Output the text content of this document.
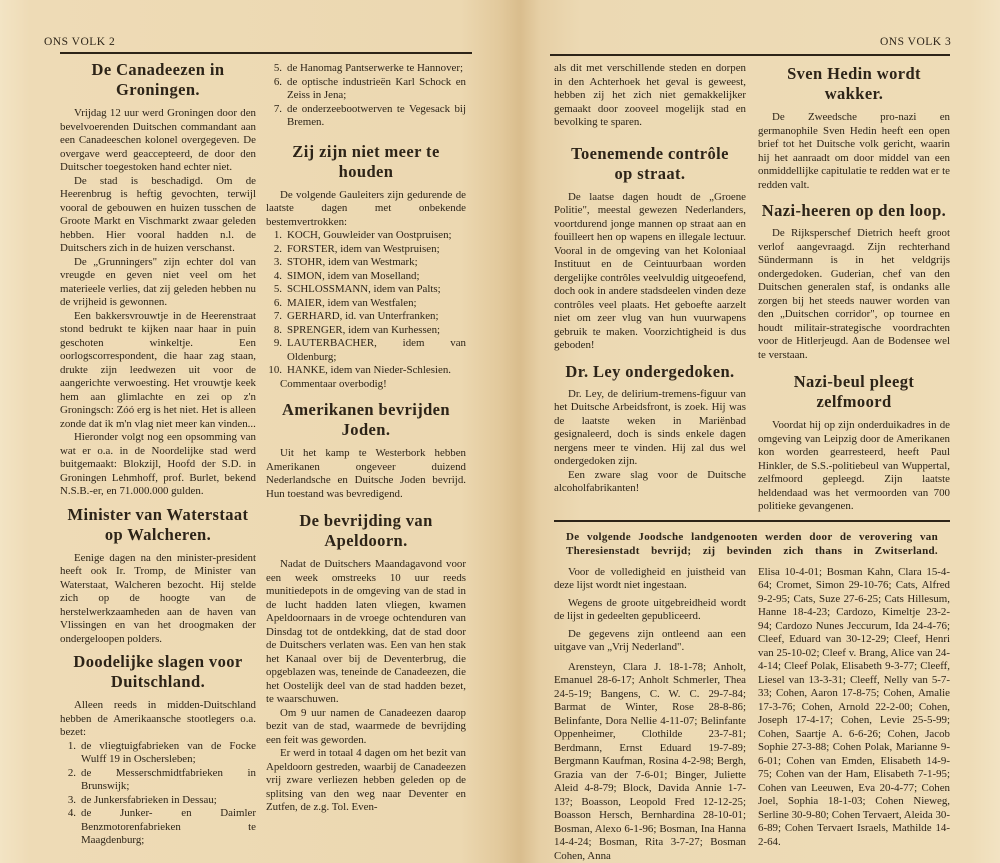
ONS VOLK 2	ONS VOLK 3
De Canadeezen in Groningen.

Vrijdag 12 uur werd Groningen door den bevelvoerenden Duitschen commandant aan een Canadeeschen kolonel overgegeven. De overgave werd geaccepteerd, de door den Duitscher toegestoken hand echter niet.

De stad is beschadigd. Om de Heerenbrug is heftig gevochten, terwijl vooral de gebouwen en huizen tusschen de Groote Markt en Vischmarkt zwaar geleden hebben. Hier vooral hadden n.l. de Duitschers zich in de huizen verschanst.

De „Grunningers" zijn echter dol van vreugde en geven niet veel om het materieele verlies, dat zij geleden hebben nu de vrijheid is gewonnen.

Een bakkersvrouwtje in de Heerenstraat stond bedrukt te kijken naar haar in puin geschoten winkeltje. Een oorlogscorrespondent, die haar zag staan, drukte zijn leedwezen uit voor de aangerichte verwoesting. Het vrouwtje keek hem aan glimlachte en zei op z'n Groningsch: Zóó erg is het niet. Het is alleen zonde dat ik m'n vlag niet meer kan vinden...

Hieronder volgt nog een opsomming van wat er o.a. in de Noordelijke stad werd buitgemaakt: Blokzijl, Hoofd der S.D. in Groningen Lehmhoff, prof. Burlet, bekend N.S.B.-er, en 71.000.000 gulden.

Minister van Waterstaat op Walcheren.

Eenige dagen na den minister-president heeft ook Ir. Tromp, de Minister van Waterstaat, Walcheren bezocht. Hij stelde zich op de hoogte van de herstelwerkzaamheden aan de haven van Vlissingen en van het droogmaken der ondergeloopen polders.

Doodelijke slagen voor Duitschland.

Alleen reeds in midden-Duitschland hebben de Amerikaansche stootlegers o.a. bezet:

1. de vliegtuigfabrieken van de Focke Wulff 19 in Oschersleben;
2. de Messerschmidtfabrieken in Brunswijk;
3. de Junkersfabrieken in Dessau;
4. de Junker- en Daimler Benzmotorenfabrieken te Maagdenburg;
5. de Hanomag Pantserwerke te Hannover;
6. de optische industrieën Karl Schock en Zeiss in Jena;
7. de onderzeebootwerven te Vegesack bij Bremen.
Zij zijn niet meer te houden

De volgende Gauleiters zijn gedurende de laatste dagen met onbekende bestemvertrokken:

1. KOCH, Gouwleider van Oostpruisen;
2. FORSTER, idem van Westpruisen;
3. STOHR, idem van Westmark;
4. SIMON, idem van Moselland;
5. SCHLOSSMANN, idem van Palts;
6. MAIER, idem van Westfalen;
7. GERHARD, id. van Unterfranken;
8. SPRENGER, idem van Kurhessen;
9. LAUTERBACHER, idem van Oldenburg;
10. HANKE, idem van Nieder-Schlesien.

Commentaar overbodig!

Amerikanen bevrijden Joden.

Uit het kamp te Westerbork hebben Amerikanen ongeveer duizend Nederlandsche en Duitsche Joden bevrijd. Hun toestand was bevredigend.

De bevrijding van Apeldoorn.

Nadat de Duitschers Maandagavond voor een week omstreeks 10 uur reeds munitiedepots in de omgeving van de stad in de lucht hadden laten vliegen, kwamen Apeldoornaars in de vroege ochtenduren van Dinsdag tot de ontdekking, dat de stad door de Duitschers verlaten was. Een van hen stak het Kanaal over bij de Deventerbrug, die opgeblazen was, teneinde de Canadeezen, die het Oostelijk deel van de stad hadden bezet, te waarschuwen.

Om 9 uur namen de Canadeezen daarop bezit van de stad, waarmede de bevrijding een feit was geworden.

Er werd in totaal 4 dagen om het bezit van Apeldoorn gestreden, waarbij de Canadeezen vrij zware verliezen hebben geleden op de splitsing van den weg naar Deventer en Zutfen, de z.g. Tol. Even-

als dit met verschillende steden en dorpen in den Achterhoek het geval is geweest, hebben zij het zich niet gemakkelijker gemaakt door zooveel mogelijk stad en bevolking te sparen.

Toenemende contrôle op straat.

De laatse dagen houdt de „Groene Politie", meestal gewezen Nederlanders, voortdurend jonge mannen op straat aan en fouilleert hen op wapens en illegale lectuur. Vooral in de omgeving van het Koloniaal Instituut en de Ceintuurbaan worden dergelijke contrôles veelvuldig uitgeoefend, doch ook in andere stadsdeelen vinden deze contrôles veel plaats. Het geboefte aarzelt niet om zeer vlug van hun vuurwapens gebruik te maken. Voorzichtigheid is dus geboden!

Dr. Ley ondergedoken.

Dr. Ley, de delirium-tremens-figuur van het Duitsche Arbeidsfront, is zoek. Hij was de laatste weken in Mariënbad gesignaleerd, doch is sinds enkele dagen nergens meer te vinden. Hij zal dus wel ondergedoken zijn.

Een zware slag voor de Duitsche alcoholfabrikanten!

Sven Hedin wordt wakker.

De Zweedsche pro-nazi en germanophile Sven Hedin heeft een open brief tot het Duitsche volk gericht, waarin hij het aanraadt om door middel van een onmiddellijke capitulatie te redden wat er te redden valt.

Nazi-heeren op den loop.

De Rijksperschef Dietrich heeft groot verlof aangevraagd. Zijn rechterhand Sündermann is in het veldgrijs ondergedoken. Guderian, chef van den Duitschen generalen staf, is ondanks alle zorgen bij het steeds nauwer worden van den „Duitschen corridor", op tournee en houdt militair-strategische voordrachten voor de Hitlerjeugd. Aan de Bodensee wel te verstaan.

Nazi-beul pleegt zelfmoord

Voordat hij op zijn onderduikadres in de omgeving van Leipzig door de Amerikanen kon worden gearresteerd, heeft Paul Hinkler, de S.S.-politiebeul van Wuppertal, zelfmoord gepleegd. Zijn laatste heldendaad was het vermoorden van 700 politieke gevangenen.

De volgende Joodsche landgenooten werden door de verovering van Theresienstadt bevrijd; zij bevinden zich thans in Zwitserland.

Voor de volledigheid en juistheid van deze lijst wordt niet ingestaan.

Wegens de groote uitgebreidheid wordt de lijst in gedeelten gepubliceerd.

De gegevens zijn ontleend aan een uitgave van „Vrij Nederland".

Arensteyn, Clara J. 18-1-78; Anholt, Emanuel 28-6-17; Anholt Schmerler, Thea 24-5-19; Bangens, C. W. C. 29-7-84; Barmat de Winter, Rose 28-8-86; Belinfante, Dora Nellie 4-11-07; Belinfante Oppenheimer, Clothilde 23-7-81; Berdmann, Ernst Eduard 19-7-89; Bergmann Kaufman, Rosina 4-2-98; Bergh, Grazia van der 7-6-01; Binger, Juliette Aleid 4-8-79; Block, Davida Annie 1-7-13?; Boasson, Leopold Fred 12-12-25; Boasson Hersch, Bernhardina 28-10-01; Bosman, Alexo 6-1-96; Bosman, Ina Hanna 14-4-24; Bosman, Rita 3-7-27; Bosman Cohen, Anna

Elisa 10-4-01; Bosman Kahn, Clara 15-4-64; Cromet, Simon 29-10-76; Cats, Alfred 9-2-95; Cats, Suze 27-6-25; Cats Hillesum, Hanne 18-4-23; Cardozo, Kimeltje 23-2-94; Cardozo Nunes Jeccurum, Ida 24-4-76; Cleef, Eduard van 30-12-29; Cleef, Henri van 25-10-02; Cleef v. Brang, Alice van 24-4-14; Cleef Polak, Elisabeth 9-3-77; Cleeff, Liesel van 13-3-31; Cleeff, Nelly van 5-7-33; Cohen, Aaron 17-8-75; Cohen, Amalie 17-3-76; Cohen, Arnold 22-2-00; Cohen, Joseph 17-4-17; Cohen, Levie 25-5-99; Cohen, Saartje A. 6-6-26; Cohen, Jacob Sophie 27-3-88; Cohen Polak, Marianne 9-6-01; Cohen van Emden, Elisabeth 14-9-75; Cohen van der Ham, Elisabeth 7-1-95; Cohen van Leeuwen, Eva 20-4-77; Cohen Joel, Sophia 18-1-03; Cohen Nieweg, Serline 30-9-80; Cohen Tervaert, Aleida 30-6-89; Cohen Tervaert Israels, Mathilde 14-2-64.
